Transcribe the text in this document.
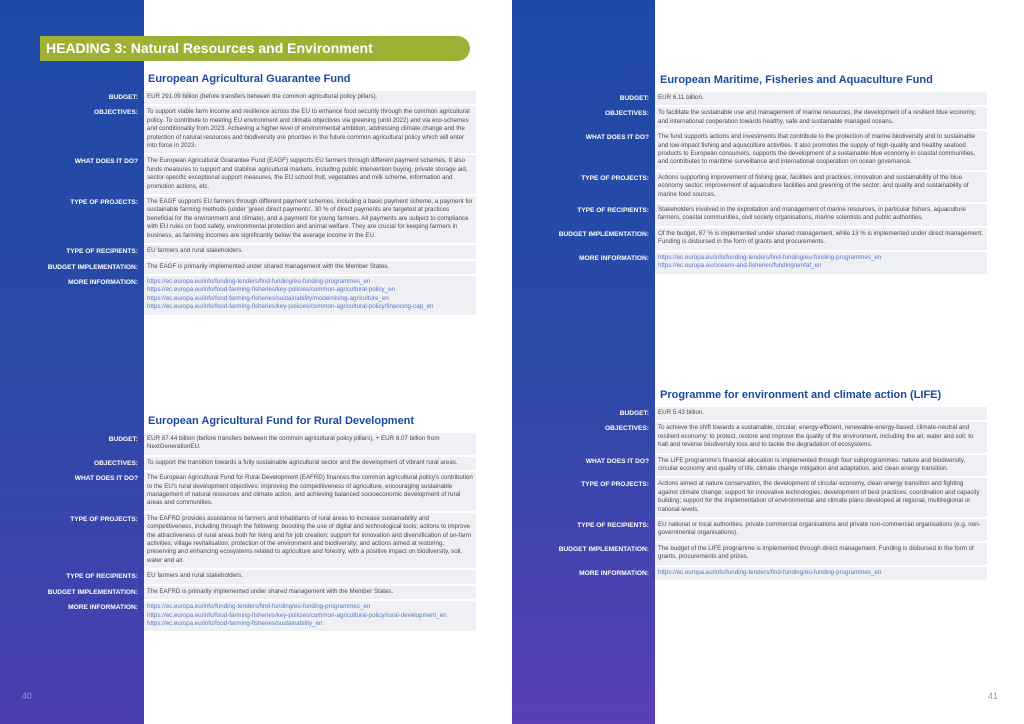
HEADING 3: Natural Resources and Environment
European Agricultural Guarantee Fund
BUDGET:	EUR 291.09 billion (before transfers between the common agricultural policy pillars).
OBJECTIVES:	To support viable farm income and resilience across the EU to enhance food security through the common agricultural policy. To contribute to meeting EU environment and climate objectives via greening (until 2022) and via eco-schemes and conditionality from 2023. Achieving a higher level of environmental ambition, addressing climate change and the protection of natural resources and biodiversity are priorities in the future common agricultural policy which will enter into force in 2023.
WHAT DOES IT DO?	The European Agricultural Guarantee Fund (EAGF) supports EU farmers through different payment schemes. It also funds measures to support and stabilise agricultural markets, including public intervention buying, private storage aid, sector-specific exceptional support measures, the EU school fruit, vegetables and milk scheme, information and promotion actions, etc.
TYPE OF PROJECTS:	The EAGF supports EU farmers through different payment schemes, including a basic payment scheme, a payment for sustainable farming methods (under 'green direct payments', 30 % of direct payments are targeted at practices beneficial for the environment and climate), and a payment for young farmers. All payments are subject to compliance with EU rules on food safety, environmental protection and animal welfare. They are crucial for keeping farmers in business, as farming incomes are significantly below the average income in the EU.
TYPE OF RECIPIENTS:	EU farmers and rural stakeholders.
BUDGET IMPLEMENTATION:	The EAGF is primarily implemented under shared management with the Member States.
MORE INFORMATION:	https://ec.europa.eu/info/funding-tenders/find-funding/eu-funding-programmes_en
https://ec.europa.eu/info/food-farming-fisheries/key-policies/common-agricultural-policy_en
https://ec.europa.eu/info/food-farming-fisheries/sustainability/modernising-agriculture_en
https://ec.europa.eu/info/food-farming-fisheries/key-policies/common-agricultural-policy/financing-cap_en
European Agricultural Fund for Rural Development
BUDGET:	EUR 87.44 billion (before transfers between the common agricultural policy pillars), + EUR 8.07 billion from NextGenerationEU.
OBJECTIVES:	To support the transition towards a fully sustainable agricultural sector and the development of vibrant rural areas.
WHAT DOES IT DO?	The European Agricultural Fund for Rural Development (EAFRD) finances the common agricultural policy's contribution to the EU's rural development objectives: improving the competitiveness of agriculture, encouraging sustainable management of natural resources and climate action, and achieving balanced socioeconomic development of rural areas and communities.
TYPE OF PROJECTS:	The EAFRD provides assistance to farmers and inhabitants of rural areas to increase sustainability and competitiveness, including through the following: boosting the use of digital and technological tools; actions to improve the attractiveness of rural areas both for living and for job creation; support for innovation and diversification of on-farm activities; village revitalisation; protection of the environment and biodiversity; and actions aimed at restoring, preserving and enhancing ecosystems related to agriculture and forestry, with a positive impact on biodiversity, soil, water and air.
TYPE OF RECIPIENTS:	EU farmers and rural stakeholders.
BUDGET IMPLEMENTATION:	The EAFRD is primarily implemented under shared management with the Member States.
MORE INFORMATION:	https://ec.europa.eu/info/funding-tenders/find-funding/eu-funding-programmes_en
https://ec.europa.eu/info/food-farming-fisheries/key-policies/common-agricultural-policy/rural-development_en
https://ec.europa.eu/info/food-farming-fisheries/sustainability_en
40
European Maritime, Fisheries and Aquaculture Fund
BUDGET:	EUR 6.11 billion.
OBJECTIVES:	To facilitate the sustainable use and management of marine resources, the development of a resilient blue economy, and international cooperation towards healthy, safe and sustainable managed oceans.
WHAT DOES IT DO?	The fund supports actions and investments that contribute to the protection of marine biodiversity and to sustainable and low-impact fishing and aquaculture activities. It also promotes the supply of high-quality and healthy seafood products to European consumers, supports the development of a sustainable blue economy in coastal communities, and contributes to maritime surveillance and international cooperation on ocean governance.
TYPE OF PROJECTS:	Actions supporting improvement of fishing gear, facilities and practices; innovation and sustainability of the blue economy sector; improvement of aquaculture facilities and greening of the sector; and quality and sustainability of marine food sources.
TYPE OF RECIPIENTS:	Stakeholders involved in the exploitation and management of marine resources, in particular fishers, aquaculture farmers, coastal communities, civil society organisations, marine scientists and public authorities.
BUDGET IMPLEMENTATION:	Of the budget, 87 % is implemented under shared management, while 13 % is implemented under direct management. Funding is disbursed in the form of grants and procurements.
MORE INFORMATION:	https://ec.europa.eu/info/funding-tenders/find-funding/eu-funding-programmes_en
https://ec.europa.eu/oceans-and-fisheries/funding/emfaf_en
Programme for environment and climate action (LIFE)
BUDGET:	EUR 5.43 billion.
OBJECTIVES:	To achieve the shift towards a sustainable, circular, energy-efficient, renewable-energy-based, climate-neutral and resilient economy; to protect, restore and improve the quality of the environment, including the air, water and soil; to halt and reverse biodiversity loss and to tackle the degradation of ecosystems.
WHAT DOES IT DO?	The LIFE programme's financial allocation is implemented through four subprogrammes: nature and biodiversity, circular economy and quality of life, climate change mitigation and adaptation, and clean energy transition.
TYPE OF PROJECTS:	Actions aimed at nature conservation, the development of circular economy, clean energy transition and fighting against climate change; support for innovative technologies; development of best practices; coordination and capacity building; support for the implementation of environmental and climate plans developed at regional, multiregional or national levels.
TYPE OF RECIPIENTS:	EU national or local authorities, private commercial organisations and private non-commercial organisations (e.g. non-governmental organisations).
BUDGET IMPLEMENTATION:	The budget of the LIFE programme is implemented through direct management. Funding is disbursed in the form of grants, procurements and prizes.
MORE INFORMATION:	https://ec.europa.eu/info/funding-tenders/find-funding/eu-funding-programmes_en
41
